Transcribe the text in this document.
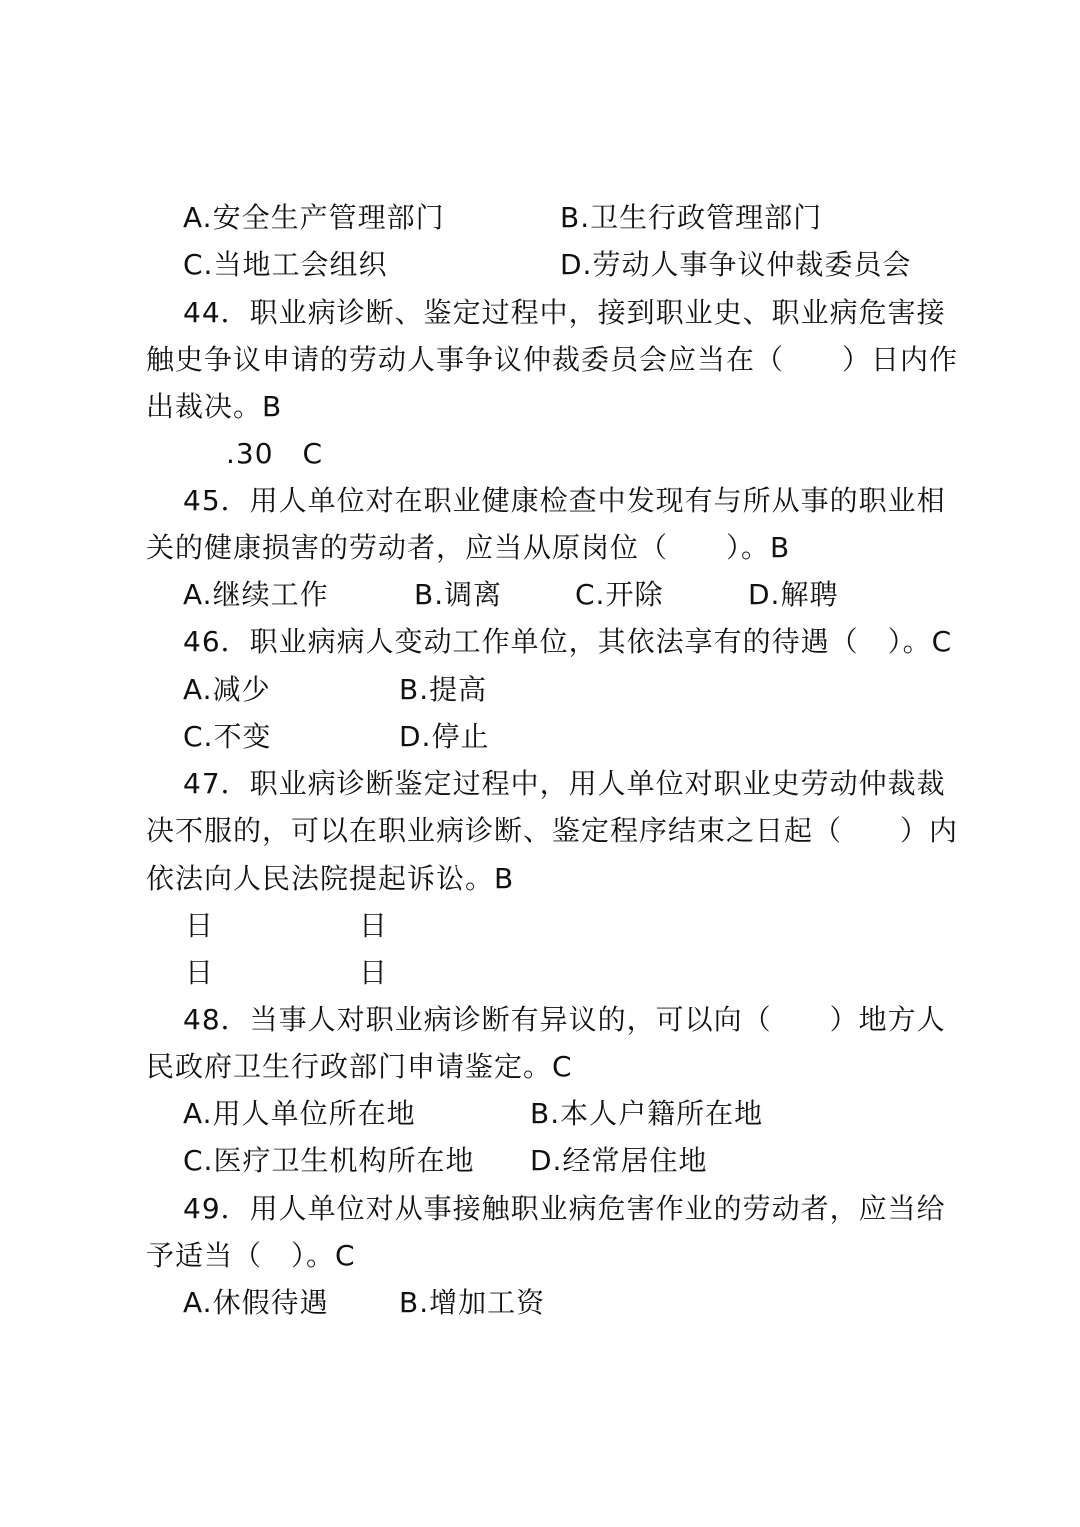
A.安全生产管理部门	B.卫生行政管理部门
C.当地工会组织	D.劳动人事争议仲裁委员会
44．职业病诊断、鉴定过程中，接到职业史、职业病危害接
触史争议申请的劳动人事争议仲裁委员会应当在（　　）日内作
出裁决。B
.30　C
45．用人单位对在职业健康检查中发现有与所从事的职业相
关的健康损害的劳动者，应当从原岗位（　　）。B
A.继续工作	B.调离	C.开除	D.解聘
46．职业病病人变动工作单位，其依法享有的待遇（　）。C
A.减少	B.提高
C.不变	D.停止
47．职业病诊断鉴定过程中，用人单位对职业史劳动仲裁裁
决不服的，可以在职业病诊断、鉴定程序结束之日起（　　）内
依法向人民法院提起诉讼。B
日	日
日	日
48．当事人对职业病诊断有异议的，可以向（　　）地方人
民政府卫生行政部门申请鉴定。C
A.用人单位所在地	B.本人户籍所在地
C.医疗卫生机构所在地 D.经常居住地
49．用人单位对从事接触职业病危害作业的劳动者，应当给
予适当（　）。C
A.休假待遇	B.增加工资
